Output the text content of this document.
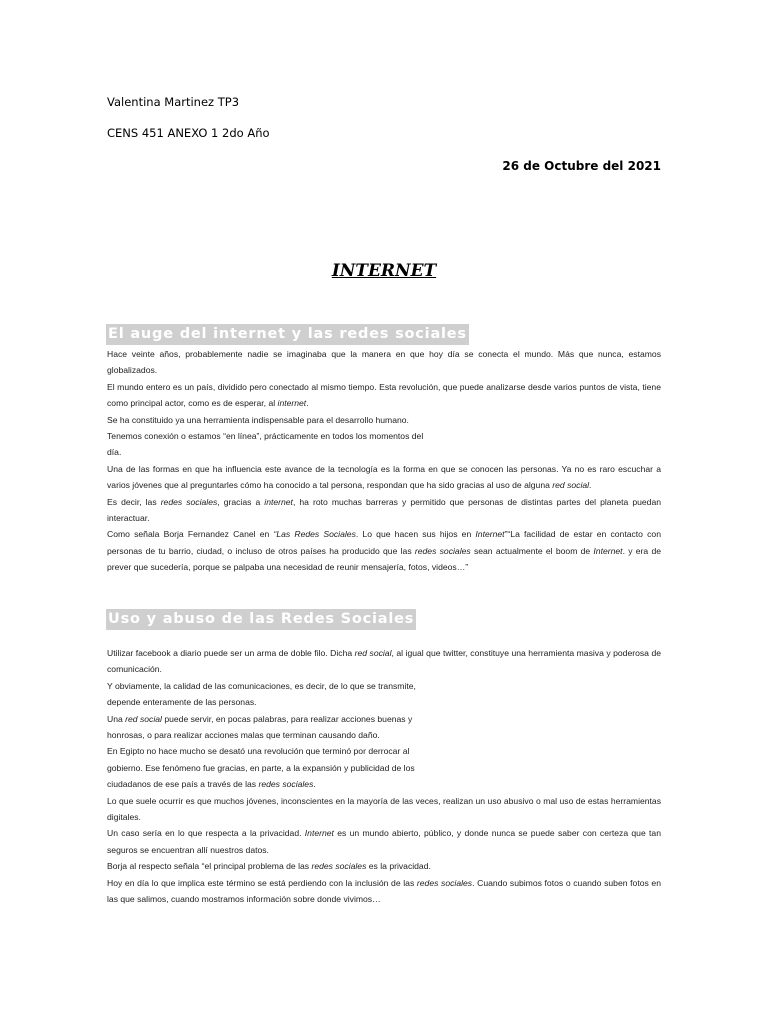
Valentina Martinez TP3
CENS 451 ANEXO 1 2do Año
26 de Octubre del 2021
INTERNET
El auge del internet y las redes sociales

Hace veinte años, probablemente nadie se imaginaba que la manera en que hoy día se conecta el mundo. Más que nunca, estamos globalizados.

El mundo entero es un país, dividido pero conectado al mismo tiempo. Esta revolución, que puede analizarse desde varios puntos de vista, tiene como principal actor, como es de esperar, al internet.

Se ha constituido ya una herramienta indispensable para el desarrollo humano.

Tenemos conexión o estamos “en línea”, prácticamente en todos los momentos del
día.

Una de las formas en que ha influencia este avance de la tecnología es la forma en que se conocen las personas. Ya no es raro escuchar a varios jóvenes que al preguntarles cómo ha conocido a tal persona, respondan que ha sido gracias al uso de alguna red social.

Es decir, las redes sociales, gracias a internet, ha roto muchas barreras y permitido que personas de distintas partes del planeta puedan interactuar.

Como señala Borja Fernandez Canel en “Las Redes Sociales. Lo que hacen sus hijos en Internet”“La facilidad de estar en contacto con personas de tu barrio, ciudad, o incluso de otros países ha producido que las redes sociales sean actualmente el boom de Internet. y era de prever que sucedería, porque se palpaba una necesidad de reunir mensajería, fotos, videos…”

Uso y abuso de las Redes Sociales

Utilizar facebook a diario puede ser un arma de doble filo. Dicha red social, al igual que twitter, constituye una herramienta masiva y poderosa de comunicación.

Y obviamente, la calidad de las comunicaciones, es decir, de lo que se transmite,
depende enteramente de las personas.

Una red social puede servir, en pocas palabras, para realizar acciones buenas y
honrosas, o para realizar acciones malas que terminan causando daño.

En Egipto no hace mucho se desató una revolución que terminó por derrocar al
gobierno. Ese fenómeno fue gracias, en parte, a la expansión y publicidad de los
ciudadanos de ese país a través de las redes sociales.

Lo que suele ocurrir es que muchos jóvenes, inconscientes en la mayoría de las veces, realizan un uso abusivo o mal uso de estas herramientas digitales.

Un caso sería en lo que respecta a la privacidad. Internet es un mundo abierto, público, y donde nunca se puede saber con certeza que tan seguros se encuentran allí nuestros datos.

Borja al respecto señala “el principal problema de las redes sociales es la privacidad.

Hoy en día lo que implica este término se está perdiendo con la inclusión de las redes sociales. Cuando subimos fotos o cuando suben fotos en las que salimos, cuando mostramos información sobre donde vivimos…
